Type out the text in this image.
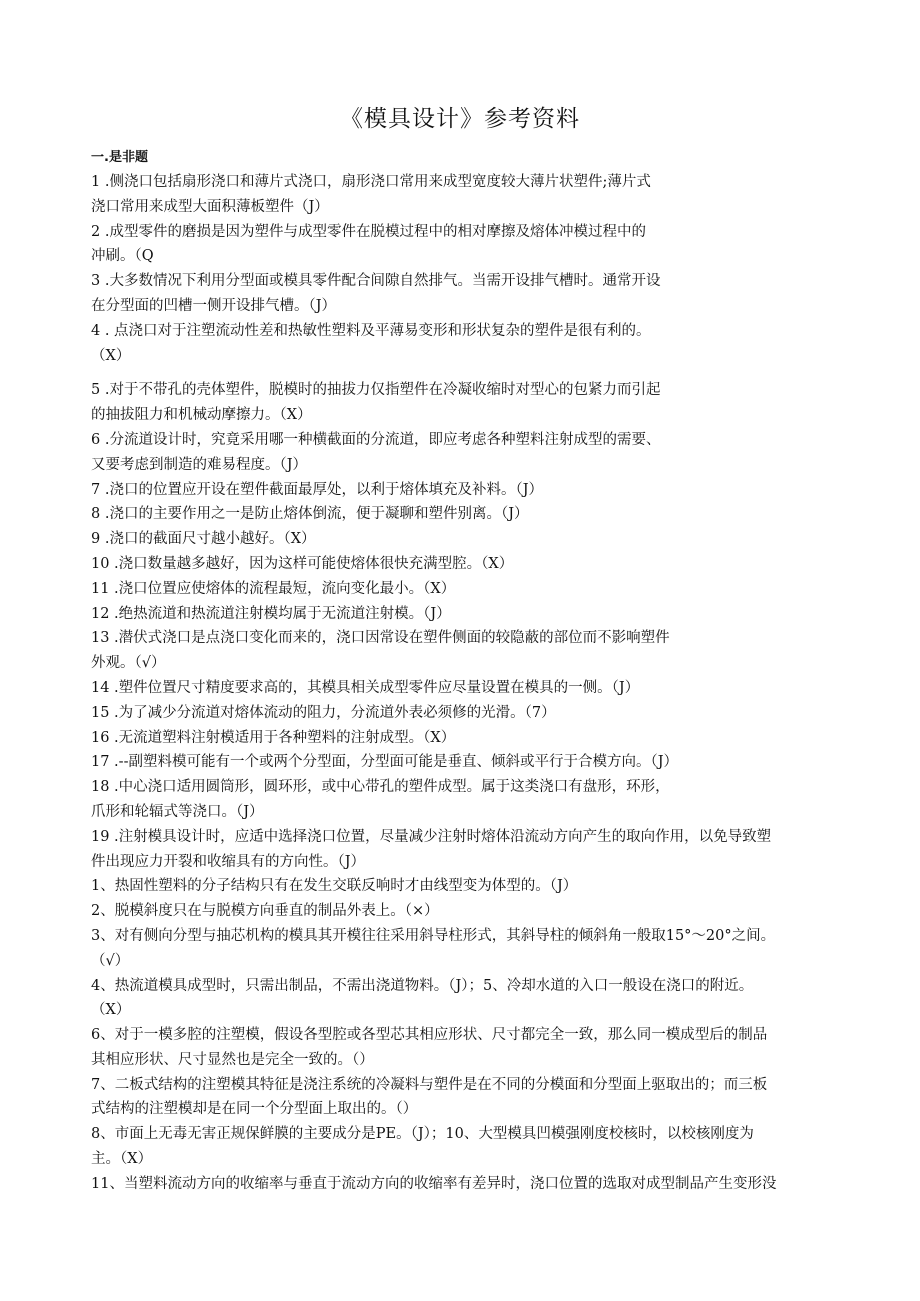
《模具设计》参考资料
一.是非题
1 .侧浇口包括扇形浇口和薄片式浇口，扇形浇口常用来成型宽度较大薄片状塑件;薄片式
浇口常用来成型大面积薄板塑件（J）
2 .成型零件的磨损是因为塑件与成型零件在脱模过程中的相对摩擦及熔体冲模过程中的
冲刷。（Q
3 .大多数情况下利用分型面或模具零件配合间隙自然排气。当需开设排气槽时。通常开设
在分型面的凹槽一侧开设排气槽。（J）
4 . 点浇口对于注塑流动性差和热敏性塑料及平薄易变形和形状复杂的塑件是很有利的。
（X）
5 .对于不带孔的壳体塑件，脱模时的抽拔力仅指塑件在冷凝收缩时对型心的包紧力而引起
的抽拔阻力和机械动摩擦力。（X）
6 .分流道设计时，究竟采用哪一种横截面的分流道，即应考虑各种塑料注射成型的需要、
又要考虑到制造的难易程度。（J）
7 .浇口的位置应开设在塑件截面最厚处，以利于熔体填充及补料。（J）
8 .浇口的主要作用之一是防止熔体倒流，便于凝聊和塑件别离。（J）
9 .浇口的截面尺寸越小越好。（X）
10 .浇口数量越多越好，因为这样可能使熔体很快充满型腔。（X）
11 .浇口位置应使熔体的流程最短，流向变化最小。（X）
12 .绝热流道和热流道注射模均属于无流道注射模。（J）
13 .潜伏式浇口是点浇口变化而来的，浇口因常设在塑件侧面的较隐蔽的部位而不影响塑件
外观。（√）
14 .塑件位置尺寸精度要求高的，其模具相关成型零件应尽量设置在模具的一侧。（J）
15 .为了减少分流道对熔体流动的阻力，分流道外表必须修的光滑。（7）
16 .无流道塑料注射模适用于各种塑料的注射成型。（X）
17 .--副塑料模可能有一个或两个分型面，分型面可能是垂直、倾斜或平行于合模方向。（J）
18 .中心浇口适用圆筒形，圆环形，或中心带孔的塑件成型。属于这类浇口有盘形，环形，
爪形和轮辐式等浇口。（J）
19 .注射模具设计时，应适中选择浇口位置，尽量减少注射时熔体沿流动方向产生的取向作用，以免导致塑
件出现应力开裂和收缩具有的方向性。（J）
1、热固性塑料的分子结构只有在发生交联反响时才由线型变为体型的。（J）
2、脱模斜度只在与脱模方向垂直的制品外表上。（×）
3、对有侧向分型与抽芯机构的模具其开模往往采用斜导柱形式，其斜导柱的倾斜角一般取15°～20°之间。
（√）
4、热流道模具成型时，只需出制品，不需出浇道物料。（J）；5、冷却水道的入口一般设在浇口的附近。
（X）
6、对于一模多腔的注塑模，假设各型腔或各型芯其相应形状、尺寸都完全一致，那么同一模成型后的制品
其相应形状、尺寸显然也是完全一致的。（）
7、二板式结构的注塑模其特征是浇注系统的冷凝料与塑件是在不同的分模面和分型面上驱取出的；而三板
式结构的注塑模却是在同一个分型面上取出的。（）
8、市面上无毒无害正规保鲜膜的主要成分是PE。（J）；10、大型模具凹模强刚度校核时，以校核刚度为
主。（X）
11、当塑料流动方向的收缩率与垂直于流动方向的收缩率有差异时，浇口位置的选取对成型制品产生变形没
